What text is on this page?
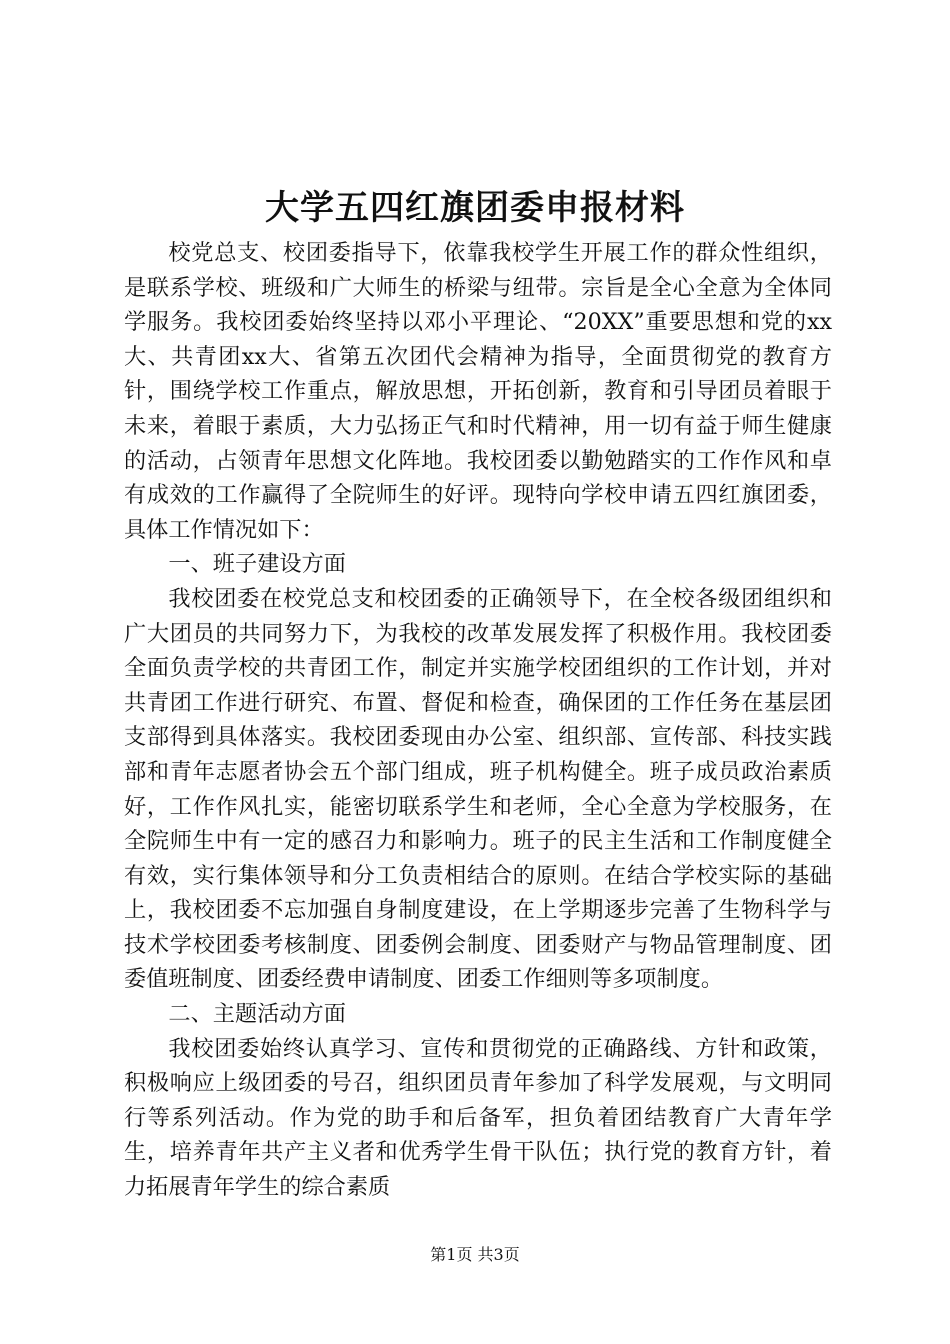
大学五四红旗团委申报材料

校党总支、校团委指导下，依靠我校学生开展工作的群众性组织，是联系学校、班级和广大师生的桥梁与纽带。宗旨是全心全意为全体同学服务。我校团委始终坚持以邓小平理论、“20XX”重要思想和党的xx大、共青团xx大、省第五次团代会精神为指导，全面贯彻党的教育方针，围绕学校工作重点，解放思想，开拓创新，教育和引导团员着眼于未来，着眼于素质，大力弘扬正气和时代精神，用一切有益于师生健康的活动，占领青年思想文化阵地。我校团委以勤勉踏实的工作作风和卓有成效的工作赢得了全院师生的好评。现特向学校申请五四红旗团委，具体工作情况如下：

一、班子建设方面

我校团委在校党总支和校团委的正确领导下，在全校各级团组织和广大团员的共同努力下，为我校的改革发展发挥了积极作用。我校团委全面负责学校的共青团工作，制定并实施学校团组织的工作计划，并对共青团工作进行研究、布置、督促和检查，确保团的工作任务在基层团支部得到具体落实。我校团委现由办公室、组织部、宣传部、科技实践部和青年志愿者协会五个部门组成，班子机构健全。班子成员政治素质好，工作作风扎实，能密切联系学生和老师，全心全意为学校服务，在全院师生中有一定的感召力和影响力。班子的民主生活和工作制度健全有效，实行集体领导和分工负责相结合的原则。在结合学校实际的基础上，我校团委不忘加强自身制度建设，在上学期逐步完善了生物科学与技术学校团委考核制度、团委例会制度、团委财产与物品管理制度、团委值班制度、团委经费申请制度、团委工作细则等多项制度。

二、主题活动方面

我校团委始终认真学习、宣传和贯彻党的正确路线、方针和政策，积极响应上级团委的号召，组织团员青年参加了科学发展观，与文明同行等系列活动。作为党的助手和后备军，担负着团结教育广大青年学生，培养青年共产主义者和优秀学生骨干队伍；执行党的教育方针，着力拓展青年学生的综合素质

第1页 共3页
